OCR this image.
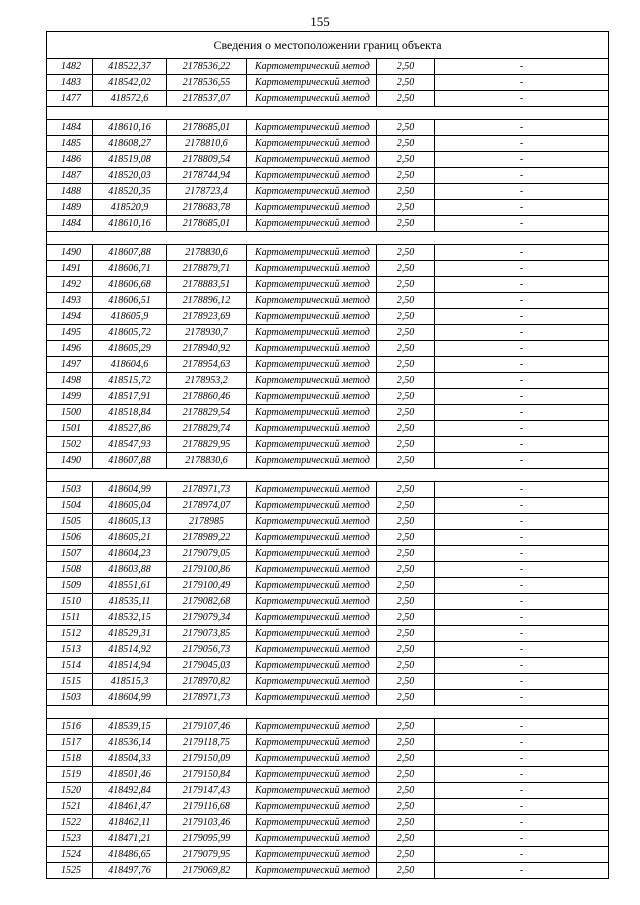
155
Сведения о местоположении границ объекта					
1482	418522,37	2178536,22	Картометрический метод	2,50	-
1483	418542,02	2178536,55	Картометрический метод	2,50	-
1477	418572,6	2178537,07	Картометрический метод	2,50	-

1484	418610,16	2178685,01	Картометрический метод	2,50	-
1485	418608,27	2178810,6	Картометрический метод	2,50	-
1486	418519,08	2178809,54	Картометрический метод	2,50	-
1487	418520,03	2178744,94	Картометрический метод	2,50	-
1488	418520,35	2178723,4	Картометрический метод	2,50	-
1489	418520,9	2178683,78	Картометрический метод	2,50	-
1484	418610,16	2178685,01	Картометрический метод	2,50	-

1490	418607,88	2178830,6	Картометрический метод	2,50	-
1491	418606,71	2178879,71	Картометрический метод	2,50	-
1492	418606,68	2178883,51	Картометрический метод	2,50	-
1493	418606,51	2178896,12	Картометрический метод	2,50	-
1494	418605,9	2178923,69	Картометрический метод	2,50	-
1495	418605,72	2178930,7	Картометрический метод	2,50	-
1496	418605,29	2178940,92	Картометрический метод	2,50	-
1497	418604,6	2178954,63	Картометрический метод	2,50	-
1498	418515,72	2178953,2	Картометрический метод	2,50	-
1499	418517,91	2178860,46	Картометрический метод	2,50	-
1500	418518,84	2178829,54	Картометрический метод	2,50	-
1501	418527,86	2178829,74	Картометрический метод	2,50	-
1502	418547,93	2178829,95	Картометрический метод	2,50	-
1490	418607,88	2178830,6	Картометрический метод	2,50	-

1503	418604,99	2178971,73	Картометрический метод	2,50	-
1504	418605,04	2178974,07	Картометрический метод	2,50	-
1505	418605,13	2178985	Картометрический метод	2,50	-
1506	418605,21	2178989,22	Картометрический метод	2,50	-
1507	418604,23	2179079,05	Картометрический метод	2,50	-
1508	418603,88	2179100,86	Картометрический метод	2,50	-
1509	418551,61	2179100,49	Картометрический метод	2,50	-
1510	418535,11	2179082,68	Картометрический метод	2,50	-
1511	418532,15	2179079,34	Картометрический метод	2,50	-
1512	418529,31	2179073,85	Картометрический метод	2,50	-
1513	418514,92	2179056,73	Картометрический метод	2,50	-
1514	418514,94	2179045,03	Картометрический метод	2,50	-
1515	418515,3	2178970,82	Картометрический метод	2,50	-
1503	418604,99	2178971,73	Картометрический метод	2,50	-

1516	418539,15	2179107,46	Картометрический метод	2,50	-
1517	418536,14	2179118,75	Картометрический метод	2,50	-
1518	418504,33	2179150,09	Картометрический метод	2,50	-
1519	418501,46	2179150,84	Картометрический метод	2,50	-
1520	418492,84	2179147,43	Картометрический метод	2,50	-
1521	418461,47	2179116,68	Картометрический метод	2,50	-
1522	418462,11	2179103,46	Картометрический метод	2,50	-
1523	418471,21	2179095,99	Картометрический метод	2,50	-
1524	418486,65	2179079,95	Картометрический метод	2,50	-
1525	418497,76	2179069,82	Картометрический метод	2,50	-
